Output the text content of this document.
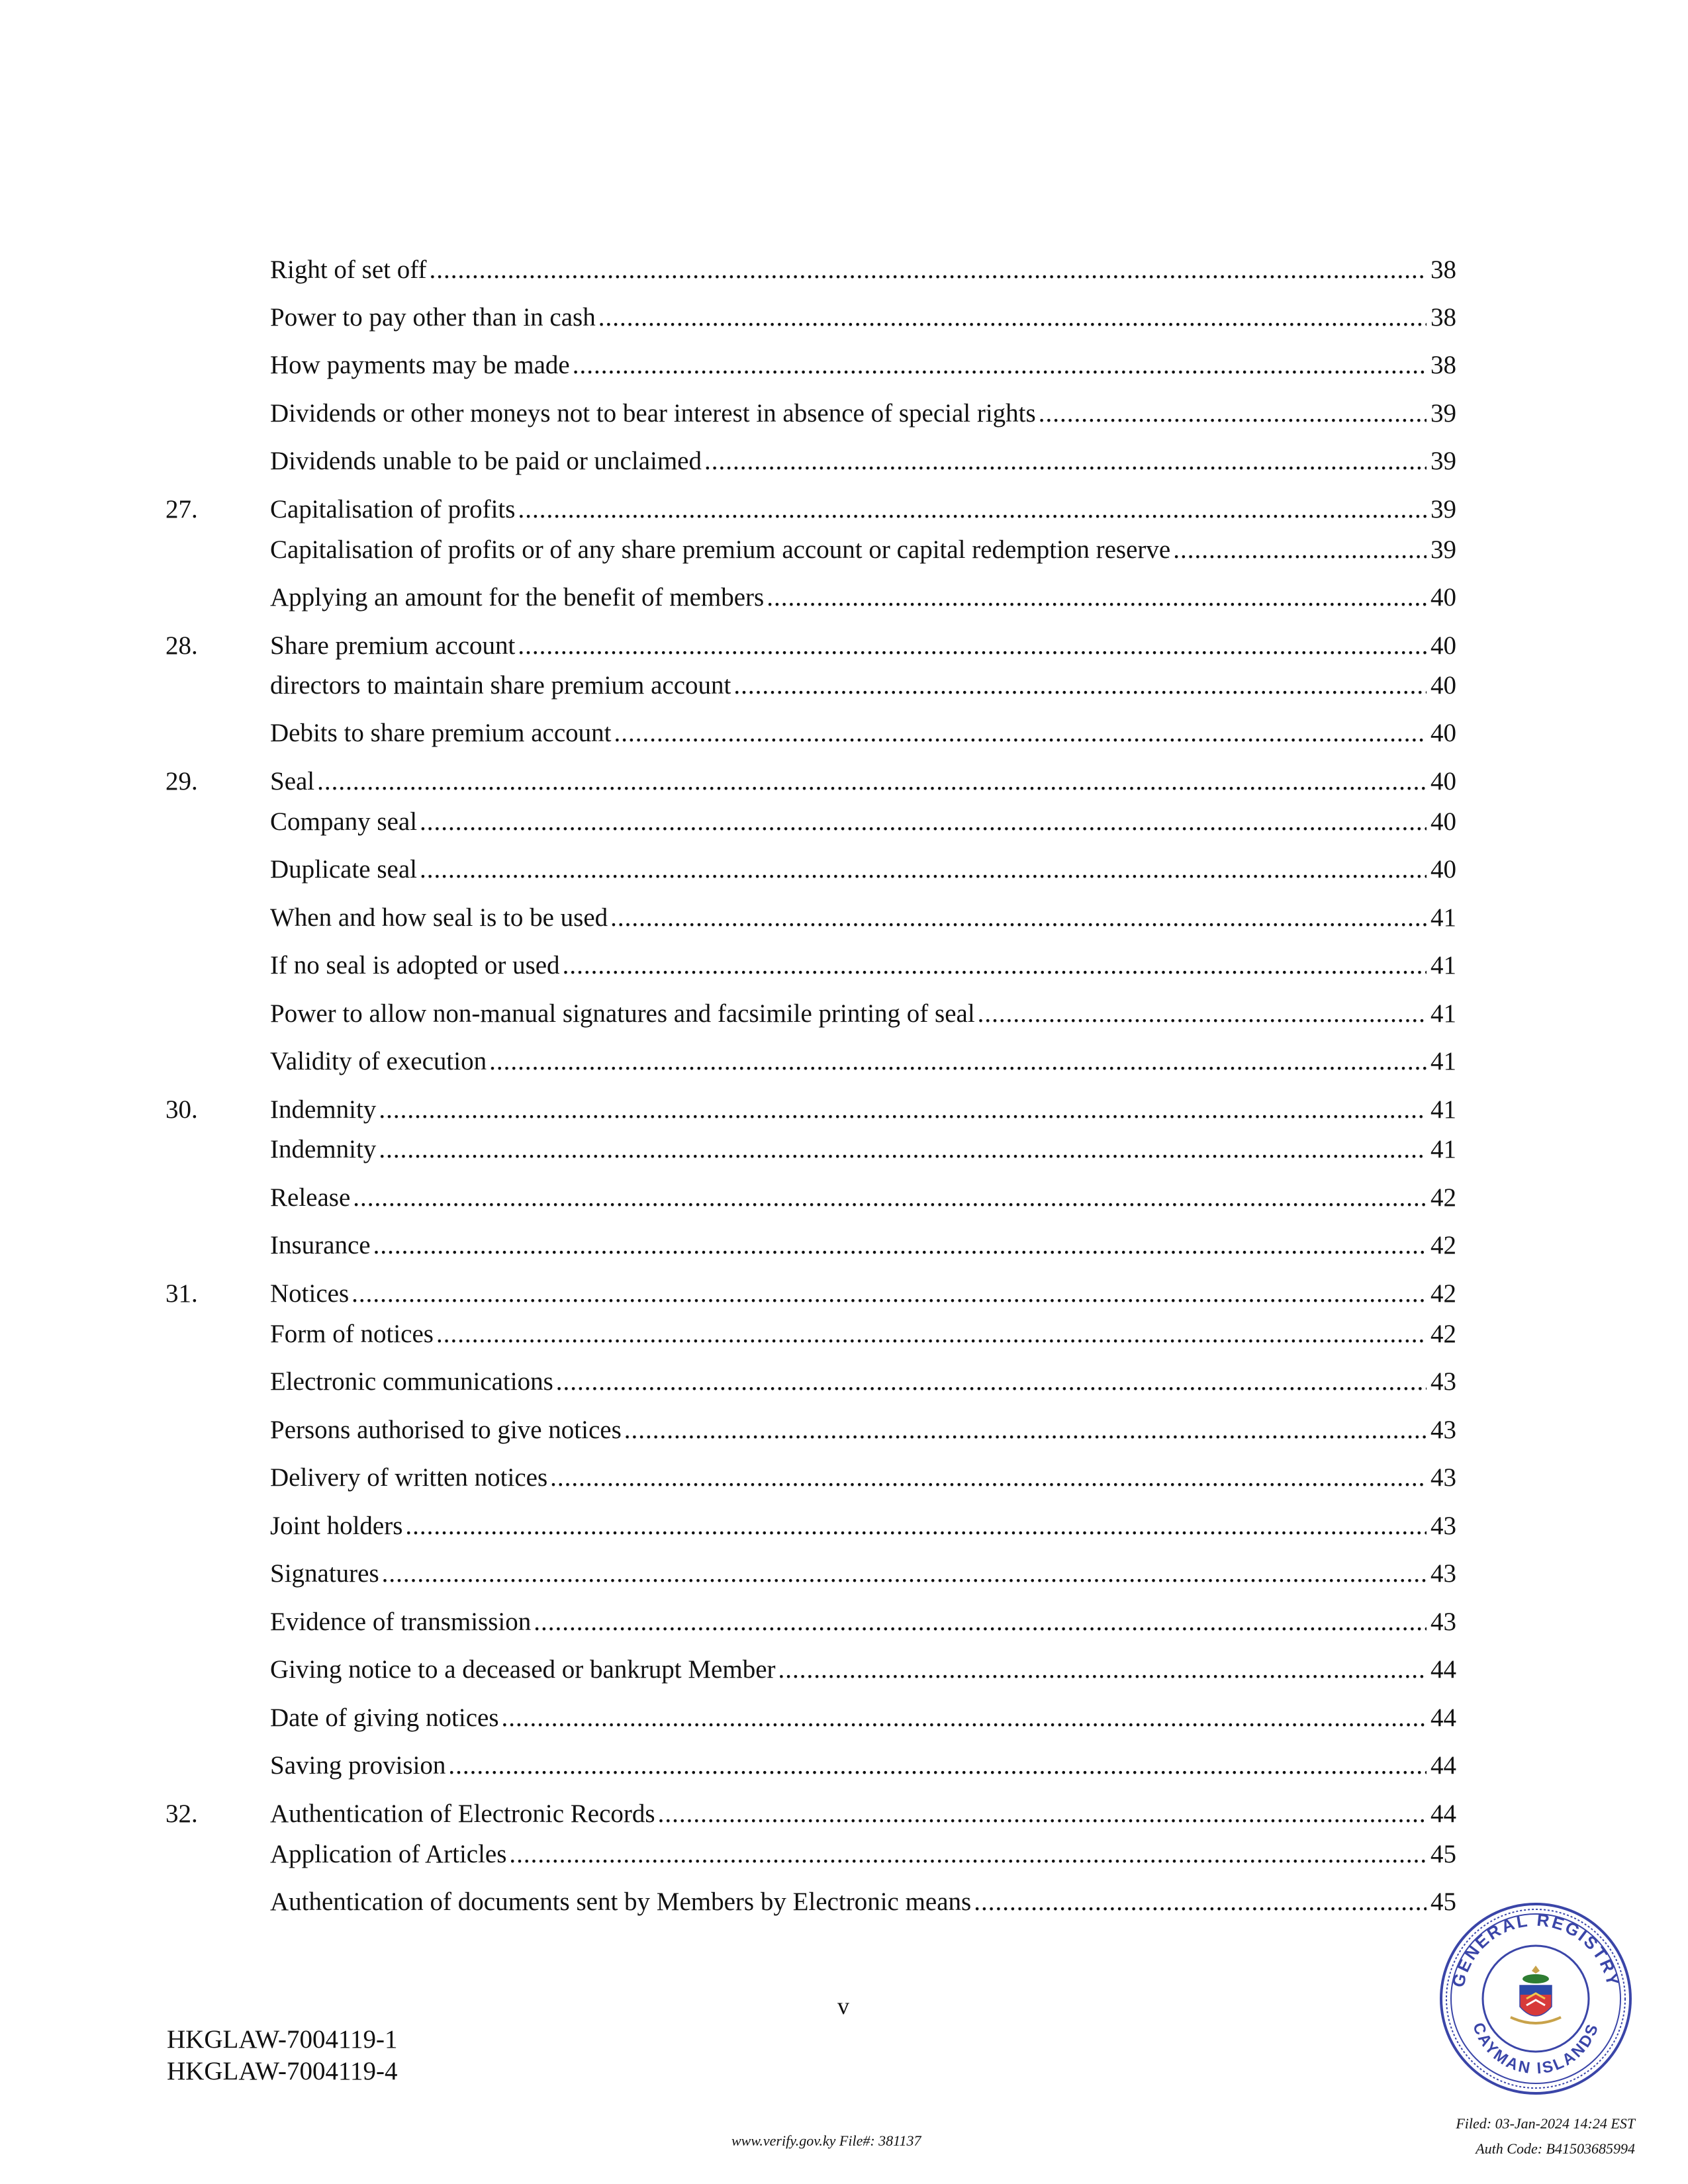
Right of set off .....	38
Power to pay other than in cash .....	38
How payments may be made .....	38
Dividends or other moneys not to bear interest in absence of special rights .....	39
Dividends unable to be paid or unclaimed .....	39
27.	Capitalisation of profits .....	39
Capitalisation of profits or of any share premium account or capital redemption reserve .....	39
Applying an amount for the benefit of members .....	40
28.	Share premium account .....	40
directors to maintain share premium account .....	40
Debits to share premium account .....	40
29.	Seal .....	40
Company seal .....	40
Duplicate seal .....	40
When and how seal is to be used .....	41
If no seal is adopted or used .....	41
Power to allow non-manual signatures and facsimile printing of seal .....	41
Validity of execution .....	41
30.	Indemnity .....	41
Indemnity .....	41
Release .....	42
Insurance .....	42
31.	Notices .....	42
Form of notices .....	42
Electronic communications .....	43
Persons authorised to give notices .....	43
Delivery of written notices .....	43
Joint holders .....	43
Signatures .....	43
Evidence of transmission .....	43
Giving notice to a deceased or bankrupt Member .....	44
Date of giving notices .....	44
Saving provision .....	44
32.	Authentication of Electronic Records .....	44
Application of Articles .....	45
Authentication of documents sent by Members by Electronic means .....	45
v
HKGLAW-7004119-1
HKGLAW-7004119-4
www.verify.gov.ky File#: 381137
GENERAL REGISTRY
CAYMAN ISLANDS
Filed: 03-Jan-2024 14:24 EST
Auth Code: B41503685994
